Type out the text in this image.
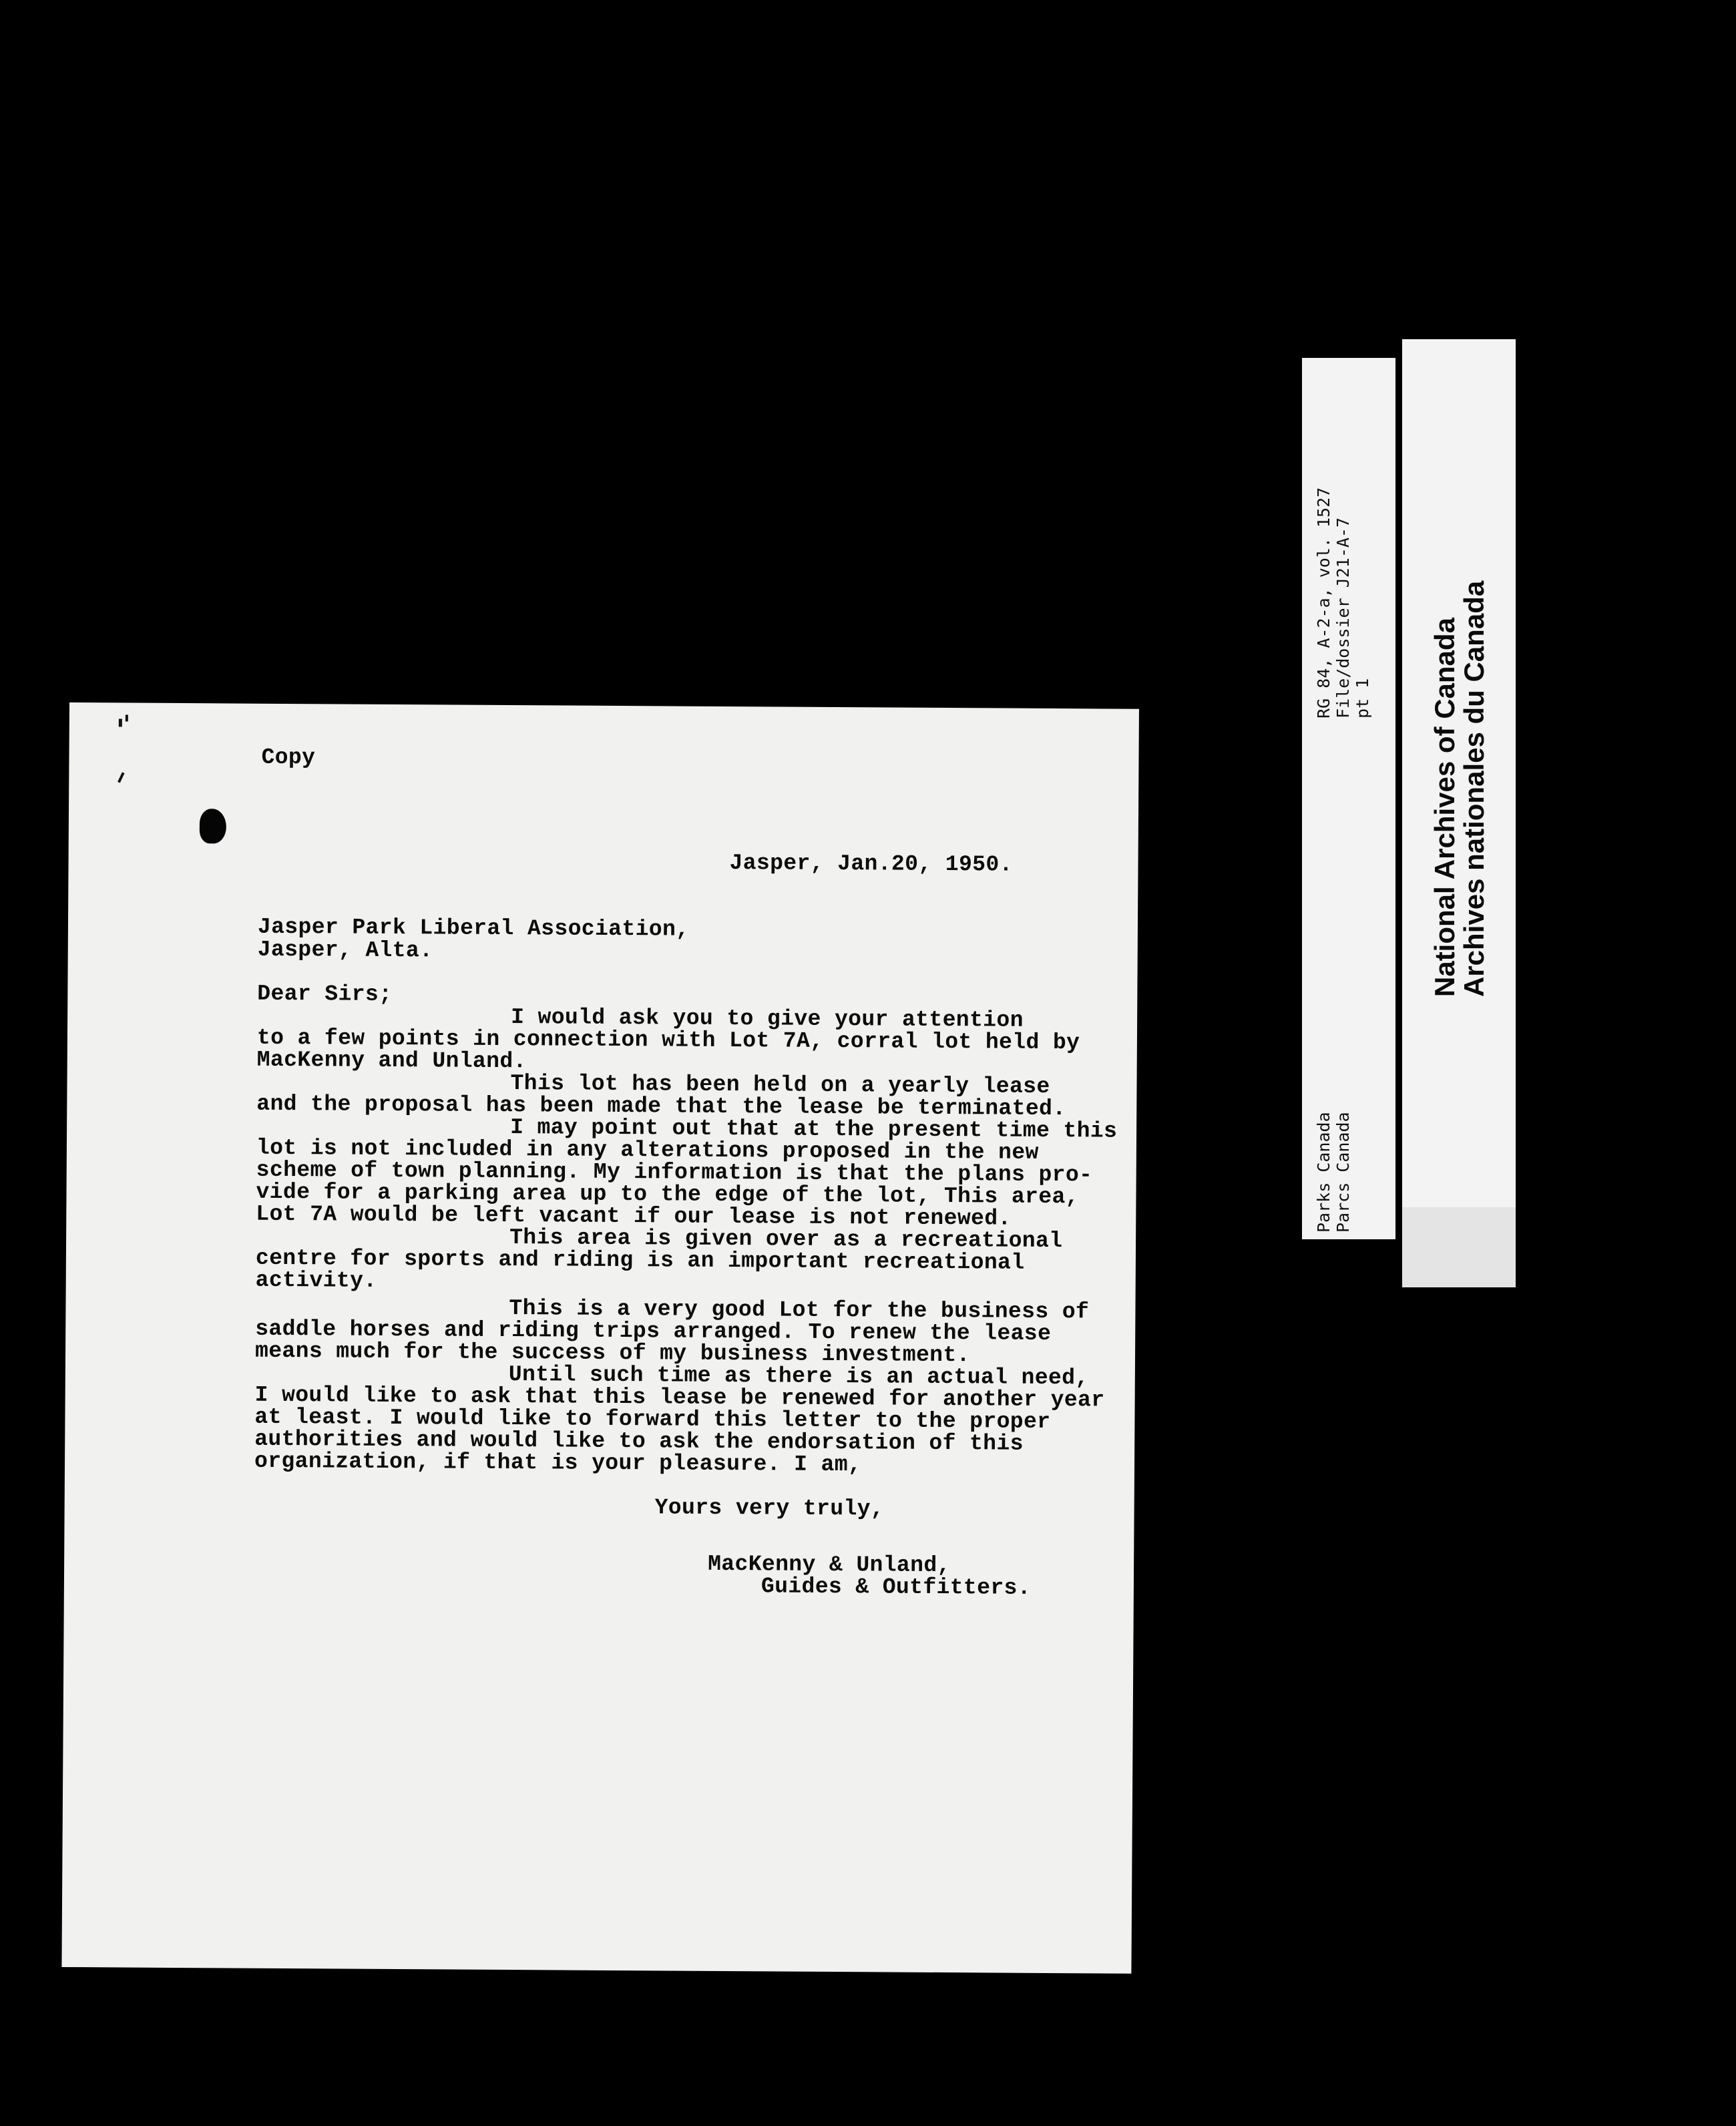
Copy
Jasper, Jan.20, 1950.
Jasper Park Liberal Association,
Jasper, Alta.
Dear Sirs;
I would ask you to give your attention
to a few points in connection with Lot 7A, corral lot held by
MacKenny and Unland.
This lot has been held on a yearly lease
and the proposal has been made that the lease be terminated.
I may point out that at the present time this
lot is not included in any alterations proposed in the new
scheme of town planning. My information is that the plans pro-
vide for a parking area up to the edge of the lot, This area,
Lot 7A would be left vacant if our lease is not renewed.
This area is given over as a recreational
centre for sports and riding is an important recreational
activity.
This is a very good Lot for the business of
saddle horses and riding trips arranged. To renew the lease
means much for the success of my business investment.
Until such time as there is an actual need,
I would like to ask that this lease be renewed for another year
at least. I would like to forward this letter to the proper
authorities and would like to ask the endorsation of this
organization, if that is your pleasure. I am,
Yours very truly,
MacKenny & Unland,
Guides & Outfitters.
RG 84, A-2-a, vol. 1527 File/dossier J21-A-7 pt 1
Parks Canada Parcs Canada
National Archives of Canada
Archives nationales du Canada
